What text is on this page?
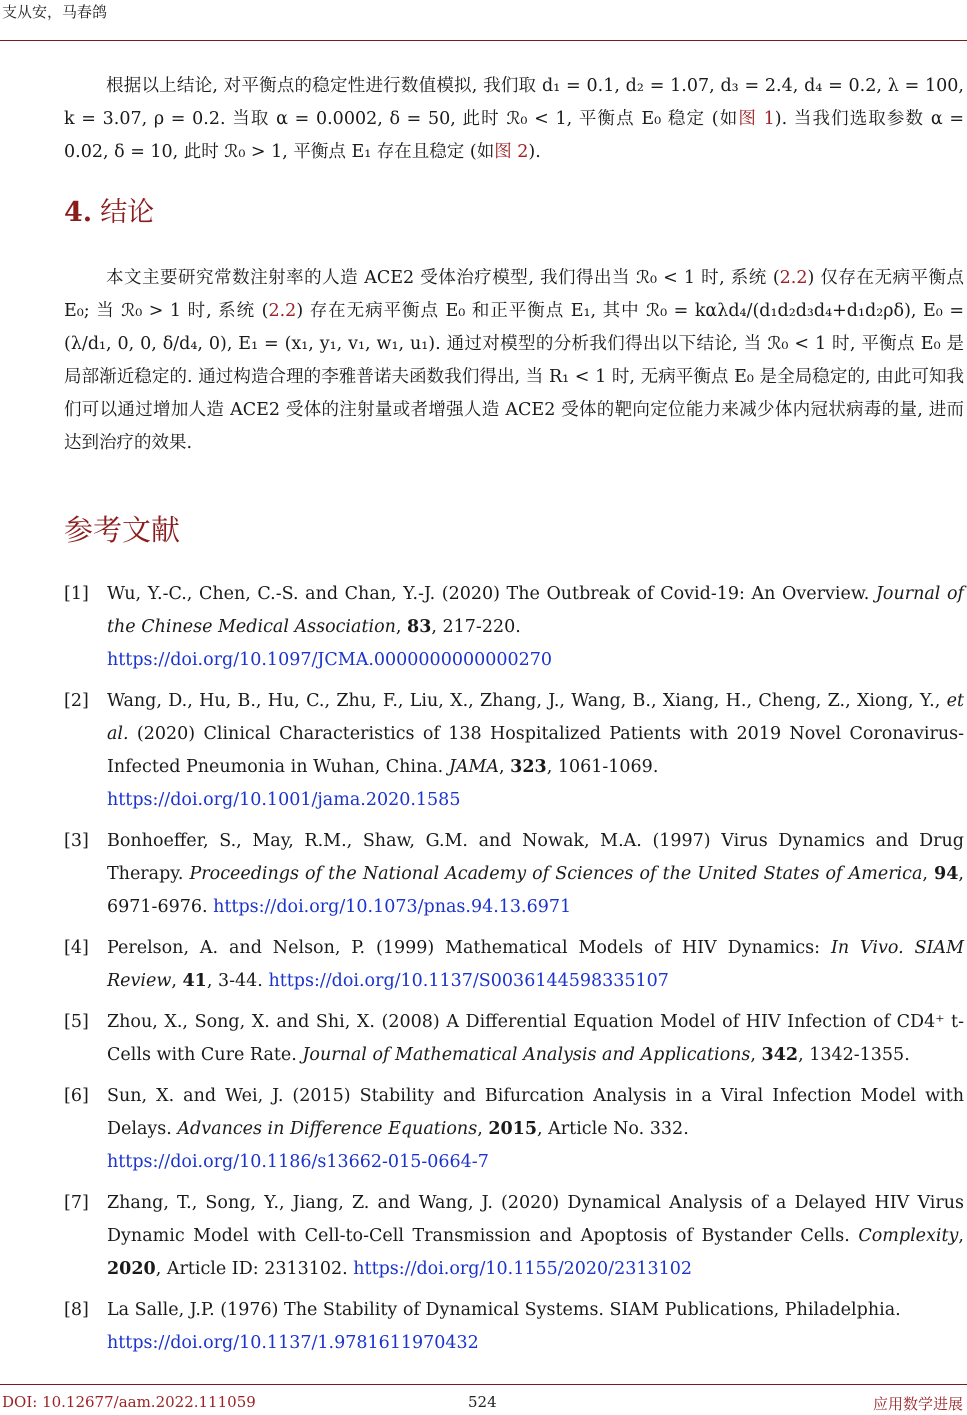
支从安，马春鸽

根据以上结论, 对平衡点的稳定性进行数值模拟, 我们取 d₁ = 0.1, d₂ = 1.07, d₃ = 2.4, d₄ = 0.2, λ = 100, k = 3.07, ρ = 0.2. 当取 α = 0.0002, δ = 50, 此时 ℛ₀ < 1, 平衡点 E₀ 稳定 (如图 1). 当我们选取参数 α = 0.02, δ = 10, 此时 ℛ₀ > 1, 平衡点 E₁ 存在且稳定 (如图 2).

4. 结论

本文主要研究常数注射率的人造 ACE2 受体治疗模型, 我们得出当 ℛ₀ < 1 时, 系统 (2.2) 仅存在无病平衡点 E₀; 当 ℛ₀ > 1 时, 系统 (2.2) 存在无病平衡点 E₀ 和正平衡点 E₁, 其中 ℛ₀ = kαλd₄/(d₁d₂d₃d₄+d₁d₂ρδ), E₀ = (λ/d₁, 0, 0, δ/d₄, 0), E₁ = (x₁, y₁, v₁, w₁, u₁). 通过对模型的分析我们得出以下结论, 当 ℛ₀ < 1 时, 平衡点 E₀ 是局部渐近稳定的. 通过构造合理的李雅普诺夫函数我们得出, 当 R₁ < 1 时, 无病平衡点 E₀ 是全局稳定的, 由此可知我们可以通过增加人造 ACE2 受体的注射量或者增强人造 ACE2 受体的靶向定位能力来减少体内冠状病毒的量, 进而达到治疗的效果.

参考文献
[1]	Wu, Y.-C., Chen, C.-S. and Chan, Y.-J. (2020) The Outbreak of Covid-19: An Overview. Journal of the Chinese Medical Association, 83, 217-220.
https://doi.org/10.1097/JCMA.0000000000000270
[2]	Wang, D., Hu, B., Hu, C., Zhu, F., Liu, X., Zhang, J., Wang, B., Xiang, H., Cheng, Z., Xiong, Y., et al. (2020) Clinical Characteristics of 138 Hospitalized Patients with 2019 Novel Coronavirus-Infected Pneumonia in Wuhan, China. JAMA, 323, 1061-1069.
https://doi.org/10.1001/jama.2020.1585
[3]	Bonhoeffer, S., May, R.M., Shaw, G.M. and Nowak, M.A. (1997) Virus Dynamics and Drug Therapy. Proceedings of the National Academy of Sciences of the United States of America, 94, 6971-6976. https://doi.org/10.1073/pnas.94.13.6971
[4]	Perelson, A. and Nelson, P. (1999) Mathematical Models of HIV Dynamics: In Vivo. SIAM Review, 41, 3-44. https://doi.org/10.1137/S0036144598335107
[5]	Zhou, X., Song, X. and Shi, X. (2008) A Differential Equation Model of HIV Infection of CD4⁺ t-Cells with Cure Rate. Journal of Mathematical Analysis and Applications, 342, 1342-1355.
[6]	Sun, X. and Wei, J. (2015) Stability and Bifurcation Analysis in a Viral Infection Model with Delays. Advances in Difference Equations, 2015, Article No. 332.
https://doi.org/10.1186/s13662-015-0664-7
[7]	Zhang, T., Song, Y., Jiang, Z. and Wang, J. (2020) Dynamical Analysis of a Delayed HIV Virus Dynamic Model with Cell-to-Cell Transmission and Apoptosis of Bystander Cells. Complexity, 2020, Article ID: 2313102. https://doi.org/10.1155/2020/2313102
[8]	La Salle, J.P. (1976) The Stability of Dynamical Systems. SIAM Publications, Philadelphia.
https://doi.org/10.1137/1.9781611970432
DOI: 10.12677/aam.2022.111059	524	应用数学进展
